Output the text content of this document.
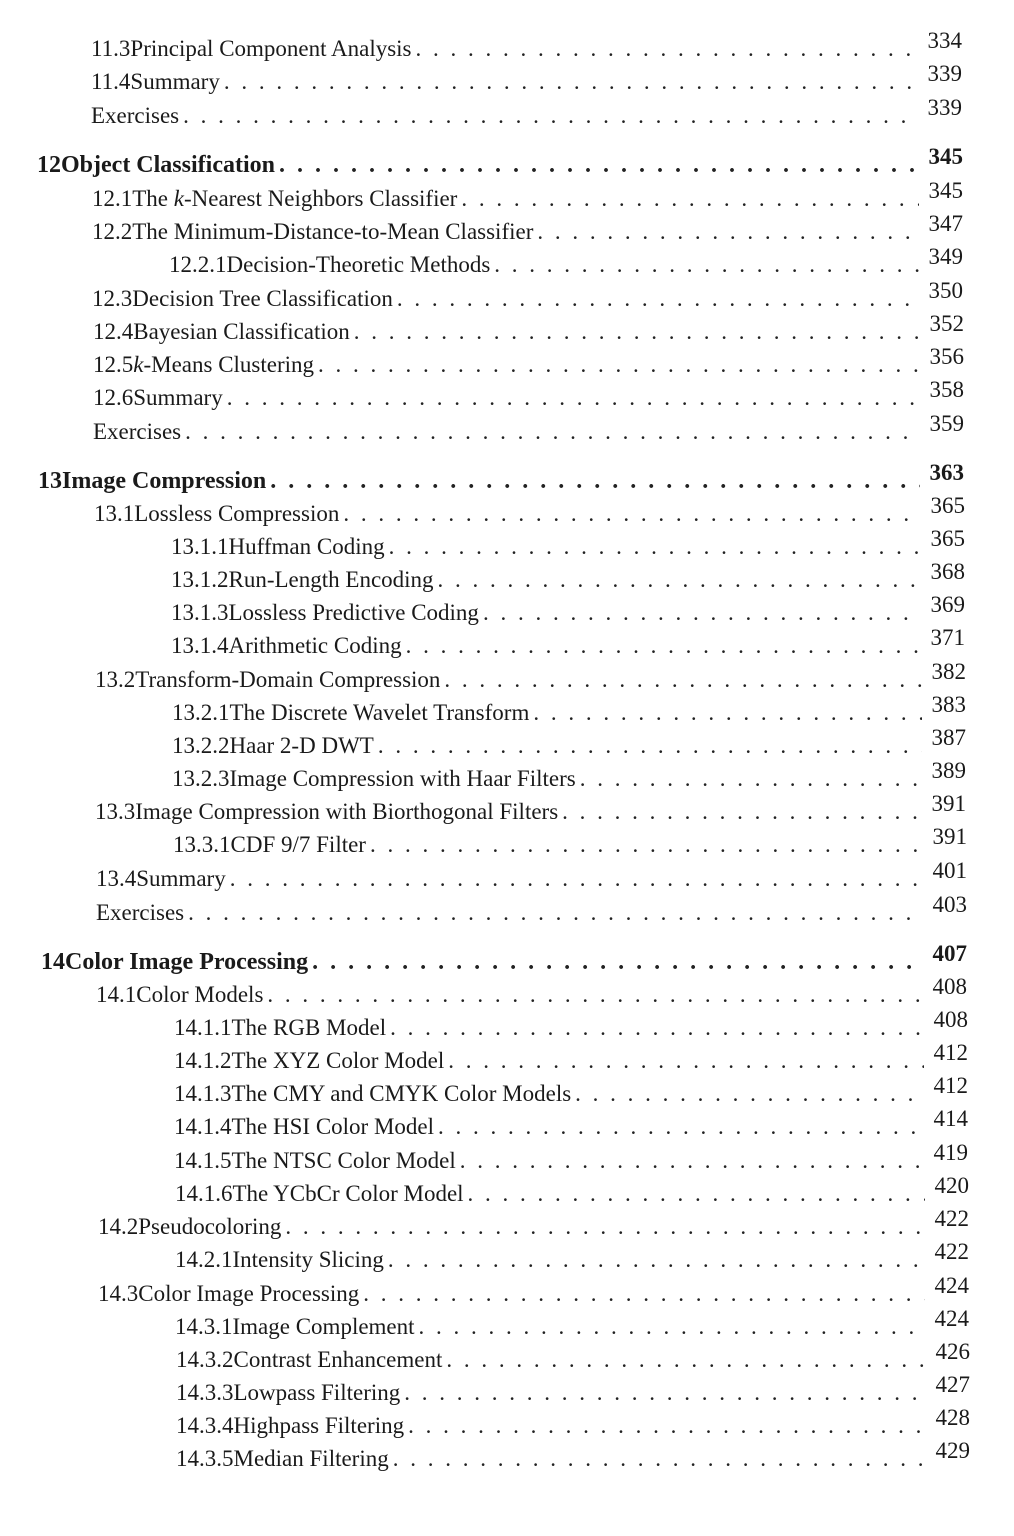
11.3 Principal Component Analysis . . .	334
11.4 Summary . . .	339
Exercises . . .	339
12 Object Classification . . .	345
12.1 The k-Nearest Neighbors Classifier . . .	345
12.2 The Minimum-Distance-to-Mean Classifier . . .	347
12.2.1 Decision-Theoretic Methods . . .	349
12.3 Decision Tree Classification . . .	350
12.4 Bayesian Classification . . .	352
12.5 k-Means Clustering . . .	356
12.6 Summary . . .	358
Exercises . . .	359
13 Image Compression . . .	363
13.1 Lossless Compression . . .	365
13.1.1 Huffman Coding . . .	365
13.1.2 Run-Length Encoding . . .	368
13.1.3 Lossless Predictive Coding . . .	369
13.1.4 Arithmetic Coding . . .	371
13.2 Transform-Domain Compression . . .	382
13.2.1 The Discrete Wavelet Transform . . .	383
13.2.2 Haar 2-D DWT . . .	387
13.2.3 Image Compression with Haar Filters . . .	389
13.3 Image Compression with Biorthogonal Filters . . .	391
13.3.1 CDF 9/7 Filter . . .	391
13.4 Summary . . .	401
Exercises . . .	403
14 Color Image Processing . . .	407
14.1 Color Models . . .	408
14.1.1 The RGB Model . . .	408
14.1.2 The XYZ Color Model . . .	412
14.1.3 The CMY and CMYK Color Models . . .	412
14.1.4 The HSI Color Model . . .	414
14.1.5 The NTSC Color Model . . .	419
14.1.6 The YCbCr Color Model . . .	420
14.2 Pseudocoloring . . .	422
14.2.1 Intensity Slicing . . .	422
14.3 Color Image Processing . . .	424
14.3.1 Image Complement . . .	424
14.3.2 Contrast Enhancement . . .	426
14.3.3 Lowpass Filtering . . .	427
14.3.4 Highpass Filtering . . .	428
14.3.5 Median Filtering . . .	429
